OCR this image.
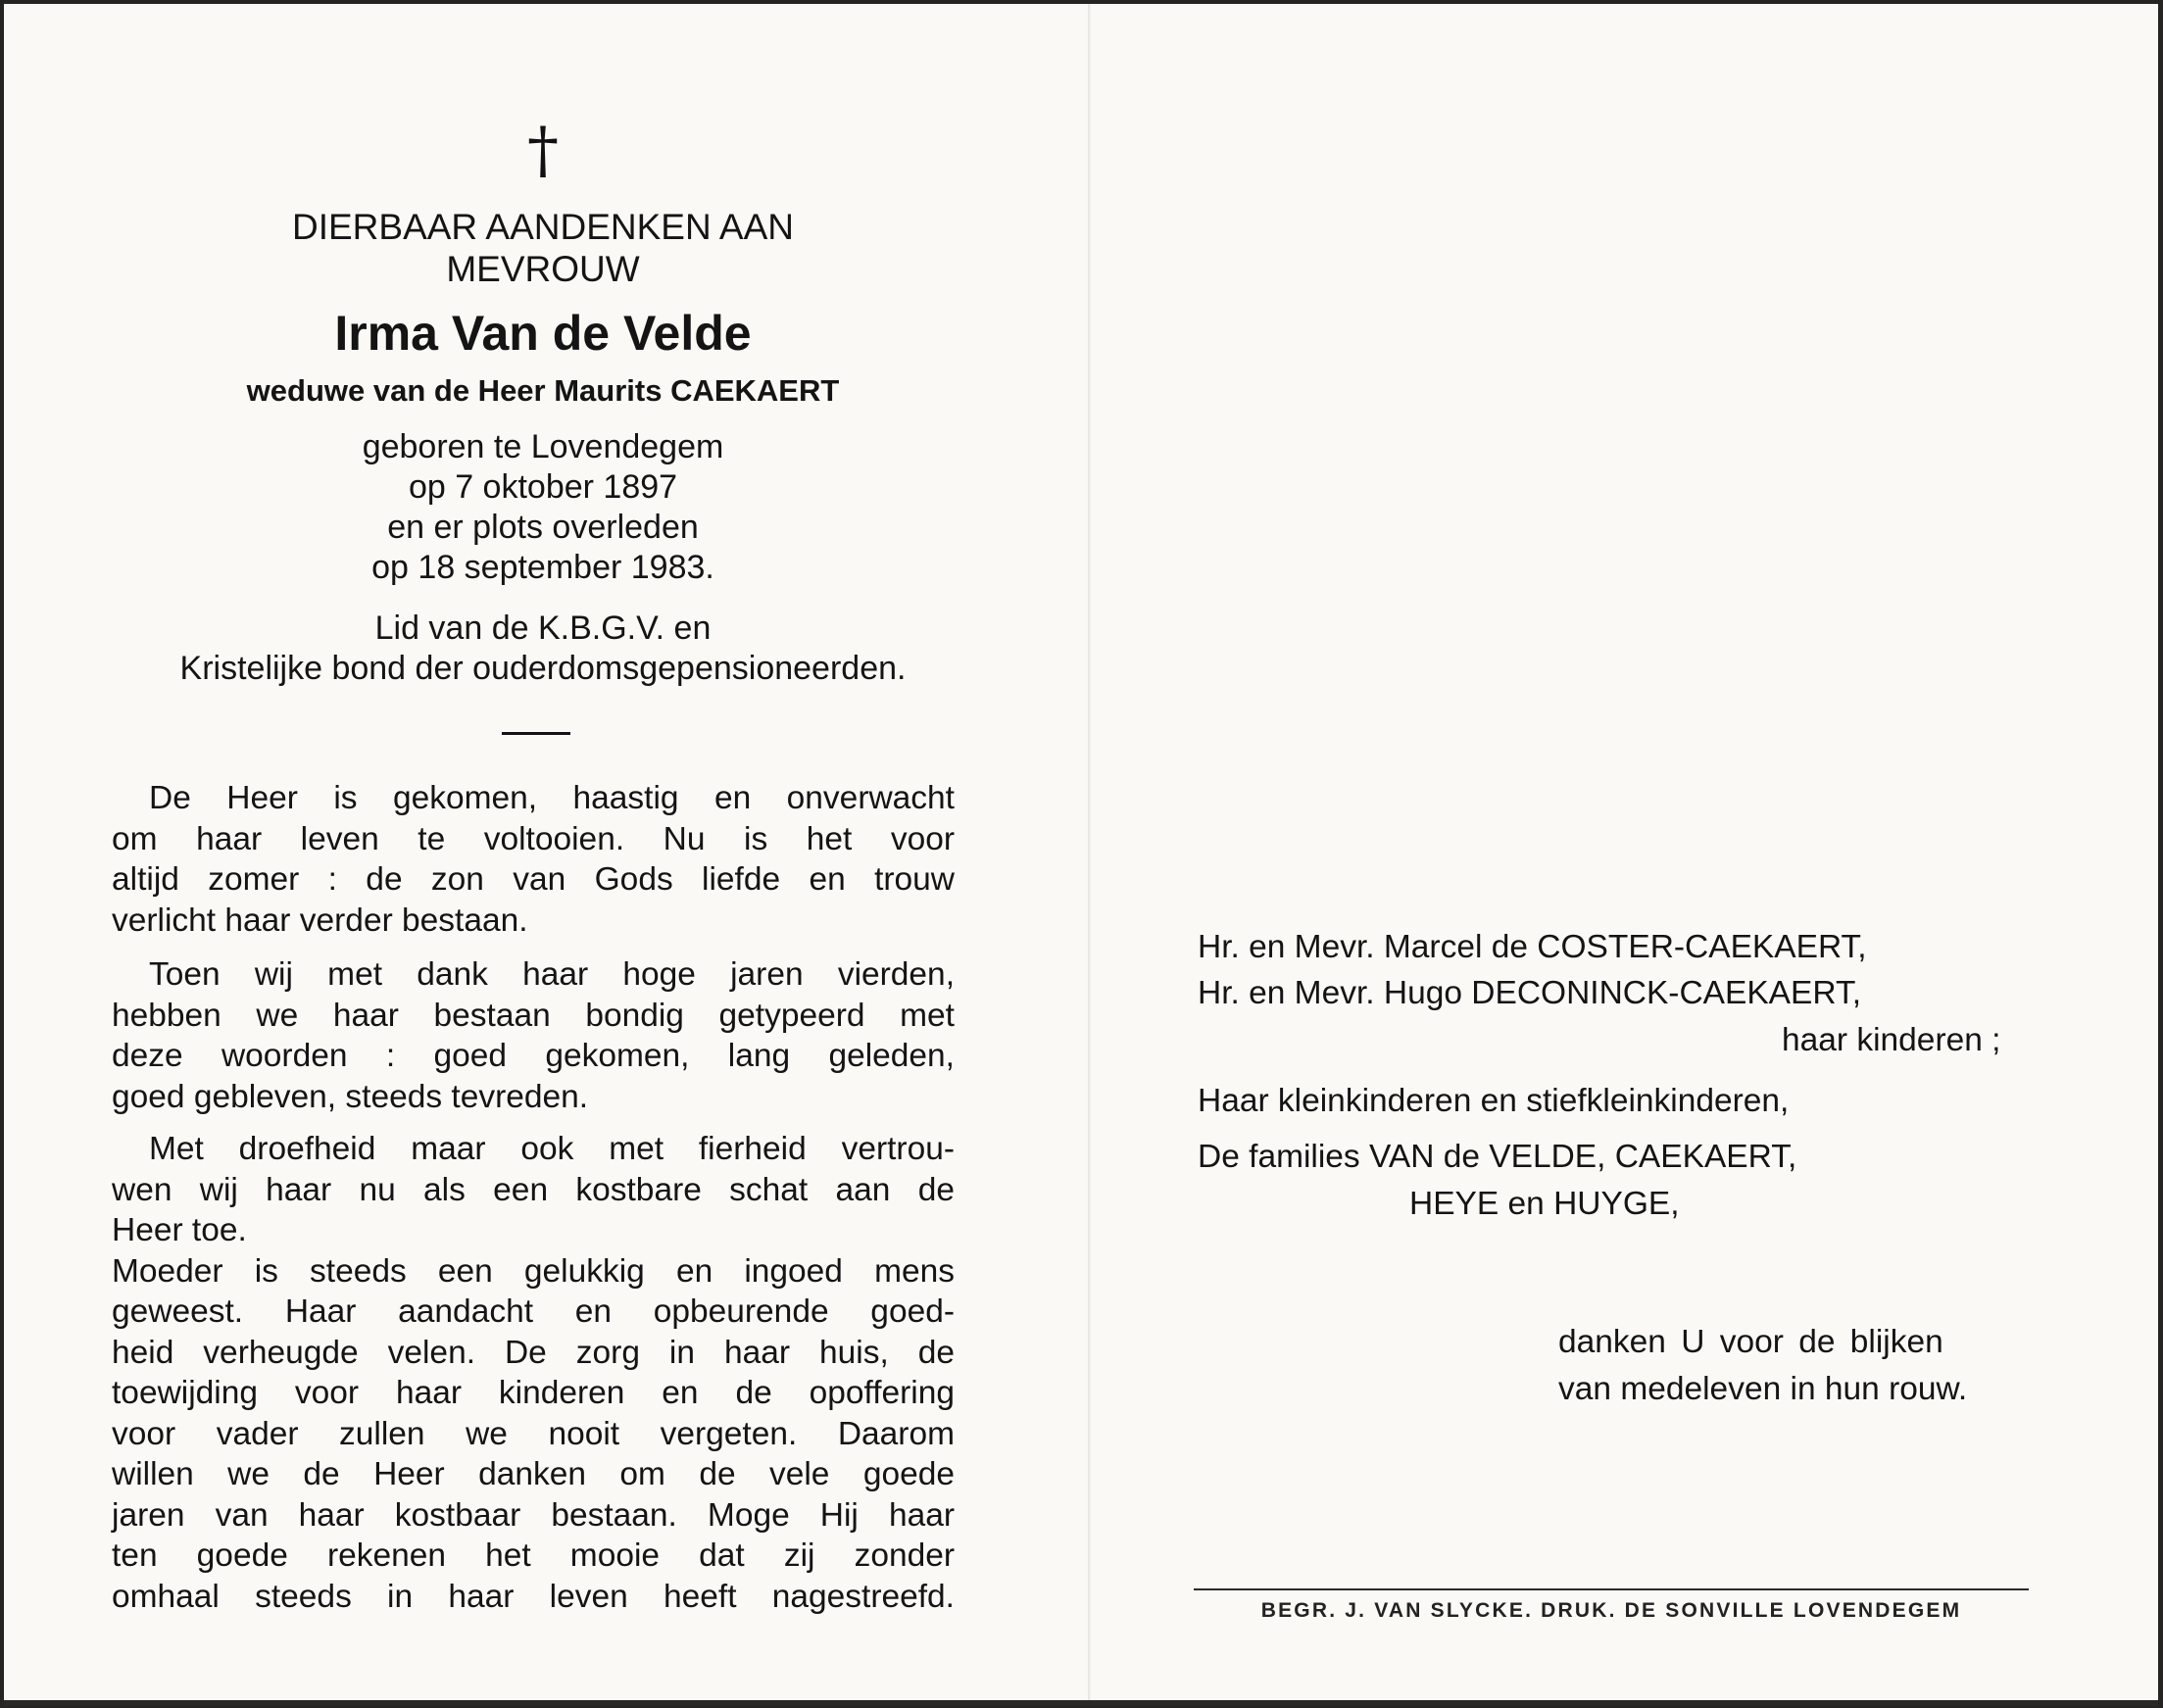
†
DIERBAAR AANDENKEN AAN
MEVROUW
Irma Van de Velde
weduwe van de Heer Maurits CAEKAERT
geboren te Lovendegem
op 7 oktober 1897
en er plots overleden
op 18 september 1983.
Lid van de K.B.G.V. en
Kristelijke bond der ouderdomsgepensioneerden.
De Heer is gekomen, haastig en onverwacht
om haar leven te voltooien. Nu is het voor
altijd zomer : de zon van Gods liefde en trouw
verlicht haar verder bestaan.
Toen wij met dank haar hoge jaren vierden,
hebben we haar bestaan bondig getypeerd met
deze woorden : goed gekomen, lang geleden,
goed gebleven, steeds tevreden.
Met droefheid maar ook met fierheid vertrou-
wen wij haar nu als een kostbare schat aan de
Heer toe.
Moeder is steeds een gelukkig en ingoed mens
geweest. Haar aandacht en opbeurende goed-
heid verheugde velen. De zorg in haar huis, de
toewijding voor haar kinderen en de opoffering
voor vader zullen we nooit vergeten. Daarom
willen we de Heer danken om de vele goede
jaren van haar kostbaar bestaan. Moge Hij haar
ten goede rekenen het mooie dat zij zonder
omhaal steeds in haar leven heeft nagestreefd.
Hr. en Mevr. Marcel de COSTER-CAEKAERT,
Hr. en Mevr. Hugo DECONINCK-CAEKAERT,
haar kinderen ;
Haar kleinkinderen en stiefkleinkinderen,
De families VAN de VELDE, CAEKAERT,
HEYE en HUYGE,
danken U voor de blijken
van medeleven in hun rouw.
BEGR. J. VAN SLYCKE. DRUK. DE SONVILLE LOVENDEGEM
